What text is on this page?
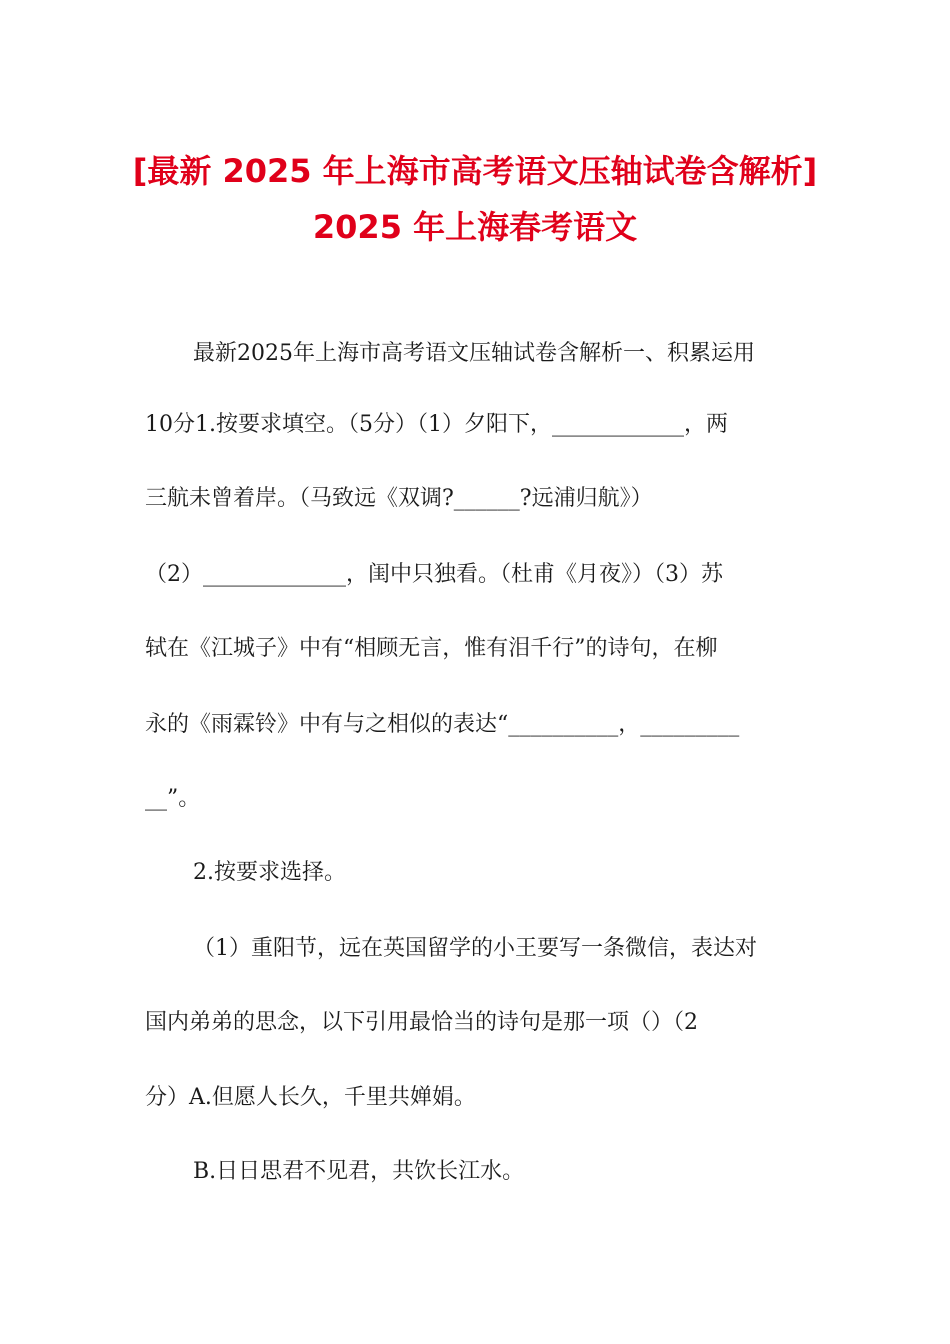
[最新 2025 年上海市高考语文压轴试卷含解析] 2025 年上海春考语文

最新2025年上海市高考语文压轴试卷含解析一、积累运用

10分1.按要求填空。（5分）（1）夕阳下，____________，两

三航未曾着岸。（马致远《双调?______?远浦归航》）

（2）_____________，闺中只独看。（杜甫《月夜》）（3）苏

轼在《江城子》中有“相顾无言，惟有泪千行”的诗句，在柳

永的《雨霖铃》中有与之相似的表达“__________，_________

__”。

2.按要求选择。

（1）重阳节，远在英国留学的小王要写一条微信，表达对

国内弟弟的思念，以下引用最恰当的诗句是那一项（）（2

分）A.但愿人长久，千里共婵娟。

B.日日思君不见君，共饮长江水。
